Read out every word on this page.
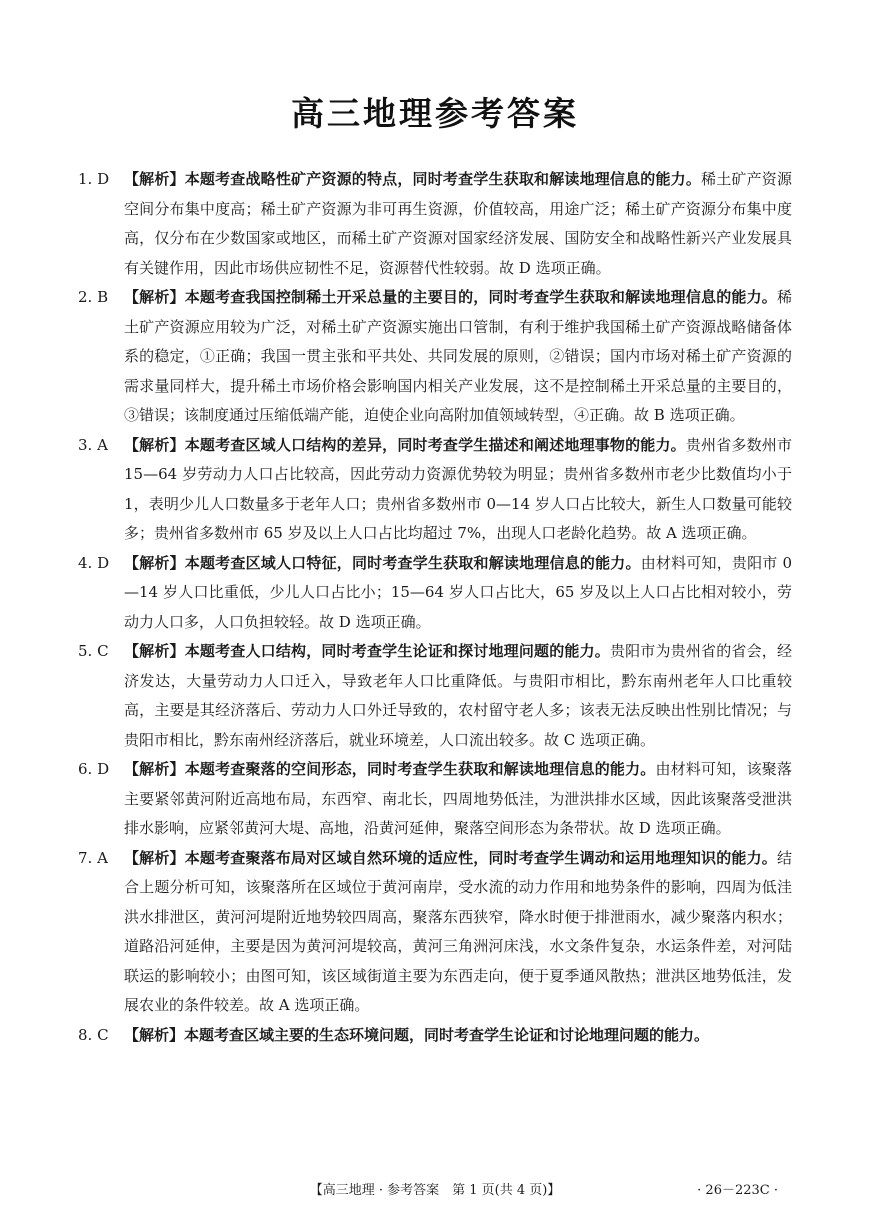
高三地理参考答案
1. D 【解析】本题考查战略性矿产资源的特点，同时考查学生获取和解读地理信息的能力。稀土矿产资源空间分布集中度高；稀土矿产资源为非可再生资源，价值较高，用途广泛；稀土矿产资源分布集中度高，仅分布在少数国家或地区，而稀土矿产资源对国家经济发展、国防安全和战略性新兴产业发展具有关键作用，因此市场供应韧性不足，资源替代性较弱。故 D 选项正确。
2. B	【解析】本题考查我国控制稀土开采总量的主要目的，同时考查学生获取和解读地理信息的能力。稀土矿产资源应用较为广泛，对稀土矿产资源实施出口管制，有利于维护我国稀土矿产资源战略储备体系的稳定，①正确；我国一贯主张和平共处、共同发展的原则，②错误；国内市场对稀土矿产资源的需求量同样大，提升稀土市场价格会影响国内相关产业发展，这不是控制稀土开采总量的主要目的，③错误；该制度通过压缩低端产能，迫使企业向高附加值领域转型，④正确。故 B 选项正确。
3. A	【解析】本题考查区域人口结构的差异，同时考查学生描述和阐述地理事物的能力。贵州省多数州市 15—64 岁劳动力人口占比较高，因此劳动力资源优势较为明显；贵州省多数州市老少比数值均小于 1，表明少儿人口数量多于老年人口；贵州省多数州市 0—14 岁人口占比较大，新生人口数量可能较多；贵州省多数州市 65 岁及以上人口占比均超过 7%，出现人口老龄化趋势。故 A 选项正确。
4. D 【解析】本题考查区域人口特征，同时考查学生获取和解读地理信息的能力。由材料可知，贵阳市 0—14 岁人口比重低，少儿人口占比小；15—64 岁人口占比大，65 岁及以上人口占比相对较小，劳动力人口多，人口负担较轻。故 D 选项正确。
5. C	【解析】本题考查人口结构，同时考查学生论证和探讨地理问题的能力。贵阳市为贵州省的省会，经济发达，大量劳动力人口迁入，导致老年人口比重降低。与贵阳市相比，黔东南州老年人口比重较高，主要是其经济落后、劳动力人口外迁导致的，农村留守老人多；该表无法反映出性别比情况；与贵阳市相比，黔东南州经济落后，就业环境差，人口流出较多。故 C 选项正确。
6. D 【解析】本题考查聚落的空间形态，同时考查学生获取和解读地理信息的能力。由材料可知，该聚落主要紧邻黄河附近高地布局，东西窄、南北长，四周地势低洼，为泄洪排水区域，因此该聚落受泄洪排水影响，应紧邻黄河大堤、高地，沿黄河延伸，聚落空间形态为条带状。故 D 选项正确。
7. A	【解析】本题考查聚落布局对区域自然环境的适应性，同时考查学生调动和运用地理知识的能力。结合上题分析可知，该聚落所在区域位于黄河南岸，受水流的动力作用和地势条件的影响，四周为低洼洪水排泄区，黄河河堤附近地势较四周高，聚落东西狭窄，降水时便于排泄雨水，减少聚落内积水；道路沿河延伸，主要是因为黄河河堤较高，黄河三角洲河床浅，水文条件复杂，水运条件差，对河陆联运的影响较小；由图可知，该区域街道主要为东西走向，便于夏季通风散热；泄洪区地势低洼，发展农业的条件较差。故 A 选项正确。
8. C	【解析】本题考查区域主要的生态环境问题，同时考查学生论证和讨论地理问题的能力。
【高三地理 · 参考答案　第 1 页(共 4 页)】	· 26－223C ·
